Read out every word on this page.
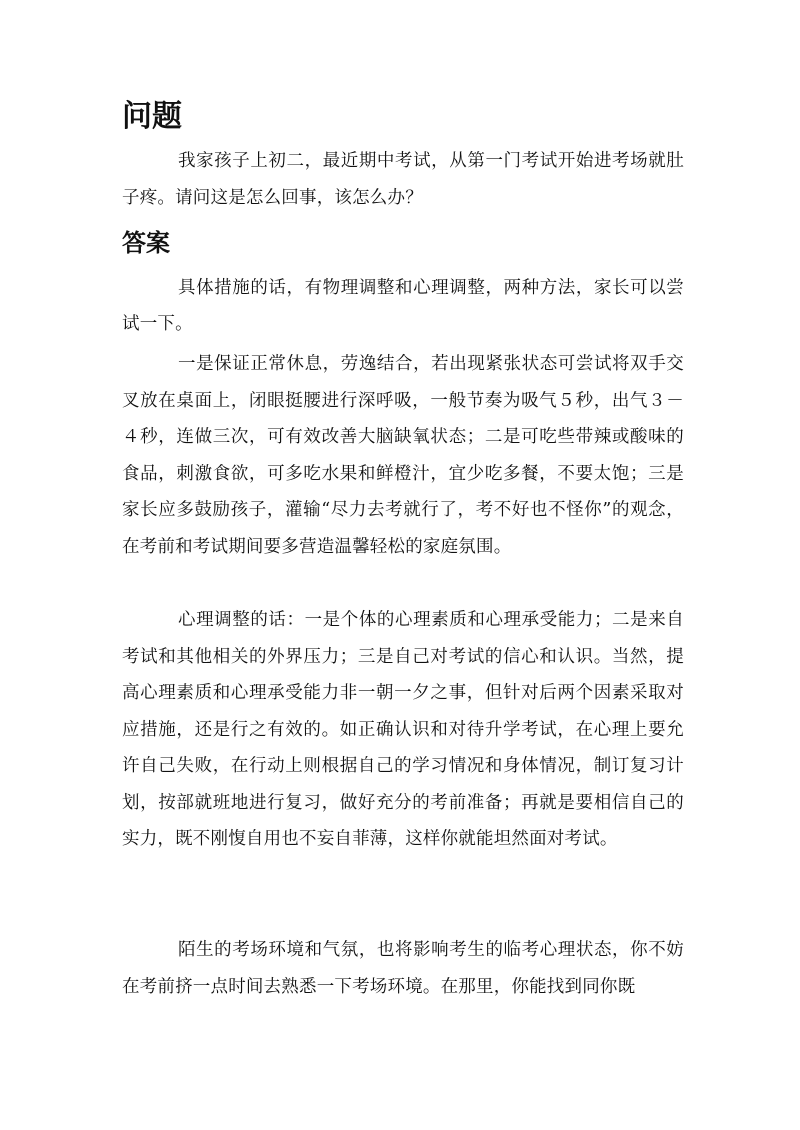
问题

我家孩子上初二，最近期中考试，从第一门考试开始进考场就肚子疼。请问这是怎么回事，该怎么办？

答案

具体措施的话，有物理调整和心理调整，两种方法，家长可以尝试一下。

一是保证正常休息，劳逸结合，若出现紧张状态可尝试将双手交叉放在桌面上，闭眼挺腰进行深呼吸，一般节奏为吸气５秒，出气３－４秒，连做三次，可有效改善大脑缺氧状态；二是可吃些带辣或酸味的食品，刺激食欲，可多吃水果和鲜橙汁，宜少吃多餐，不要太饱；三是家长应多鼓励孩子，灌输“尽力去考就行了，考不好也不怪你”的观念，在考前和考试期间要多营造温馨轻松的家庭氛围。

心理调整的话：一是个体的心理素质和心理承受能力；二是来自考试和其他相关的外界压力；三是自己对考试的信心和认识。当然，提高心理素质和心理承受能力非一朝一夕之事，但针对后两个因素采取对应措施，还是行之有效的。如正确认识和对待升学考试，在心理上要允许自己失败，在行动上则根据自己的学习情况和身体情况，制订复习计划，按部就班地进行复习，做好充分的考前准备；再就是要相信自己的实力，既不刚愎自用也不妄自菲薄，这样你就能坦然面对考试。

陌生的考场环境和气氛，也将影响考生的临考心理状态，你不妨在考前挤一点时间去熟悉一下考场环境。在那里，你能找到同你既
